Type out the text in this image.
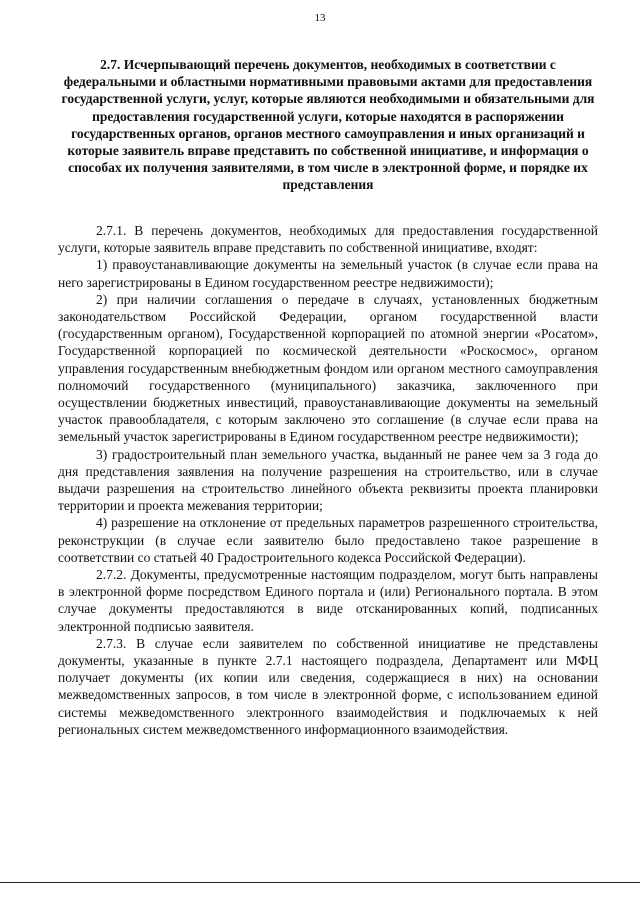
13
2.7. Исчерпывающий перечень документов, необходимых в соответствии с федеральными и областными нормативными правовыми актами для предоставления государственной услуги, услуг, которые являются необходимыми и обязательными для предоставления государственной услуги, которые находятся в распоряжении государственных органов, органов местного самоуправления и иных организаций и которые заявитель вправе представить по собственной инициативе, и информация о способах их получения заявителями, в том числе в электронной форме, и порядке их представления

2.7.1. В перечень документов, необходимых для предоставления государственной услуги, которые заявитель вправе представить по собственной инициативе, входят:

1) правоустанавливающие документы на земельный участок (в случае если права на него зарегистрированы в Едином государственном реестре недвижимости);

2) при наличии соглашения о передаче в случаях, установленных бюджетным законодательством Российской Федерации, органом государственной власти (государственным органом), Государственной корпорацией по атомной энергии «Росатом», Государственной корпорацией по космической деятельности «Роскосмос», органом управления государственным внебюджетным фондом или органом местного самоуправления полномочий государственного (муниципального) заказчика, заключенного при осуществлении бюджетных инвестиций, правоустанавливающие документы на земельный участок правообладателя, с которым заключено это соглашение (в случае если права на земельный участок зарегистрированы в Едином государственном реестре недвижимости);

3) градостроительный план земельного участка, выданный не ранее чем за 3 года до дня представления заявления на получение разрешения на строительство, или в случае выдачи разрешения на строительство линейного объекта реквизиты проекта планировки территории и проекта межевания территории;

4) разрешение на отклонение от предельных параметров разрешенного строительства, реконструкции (в случае если заявителю было предоставлено такое разрешение в соответствии со статьей 40 Градостроительного кодекса Российской Федерации).

2.7.2. Документы, предусмотренные настоящим подразделом, могут быть направлены в электронной форме посредством Единого портала и (или) Регионального портала. В этом случае документы предоставляются в виде отсканированных копий, подписанных электронной подписью заявителя.

2.7.3. В случае если заявителем по собственной инициативе не представлены документы, указанные в пункте 2.7.1 настоящего подраздела, Департамент или МФЦ получает документы (их копии или сведения, содержащиеся в них) на основании межведомственных запросов, в том числе в электронной форме, с использованием единой системы межведомственного электронного взаимодействия и подключаемых к ней региональных систем межведомственного информационного взаимодействия.
